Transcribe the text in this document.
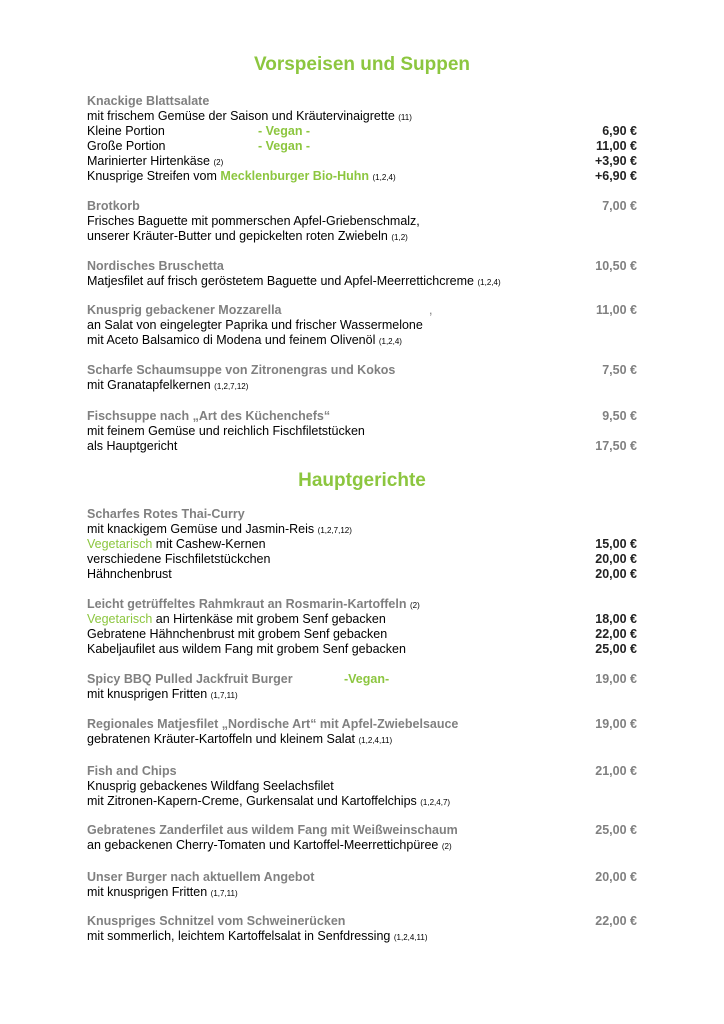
Vorspeisen und Suppen
Knackige Blattsalate
mit frischem Gemüse der Saison und Kräutervinaigrette (11)
Kleine Portion	- Vegan -	6,90 €
Große Portion	- Vegan -	11,00 €
Marinierter Hirtenkäse (2)	+3,90 €
Knusprige Streifen vom Mecklenburger Bio-Huhn (1,2,4)	+6,90 €
Brotkorb	7,00 €
Frisches Baguette mit pommerschen Apfel-Griebenschmalz,
unserer Kräuter-Butter und gepickelten roten Zwiebeln (1,2)
Nordisches Bruschetta	10,50 €
Matjesfilet auf frisch geröstetem Baguette und Apfel-Meerrettichcreme (1,2,4)
Knusprig gebackener Mozzarella	,	11,00 €
an Salat von eingelegter Paprika und frischer Wassermelone
mit Aceto Balsamico di Modena und feinem Olivenöl (1,2,4)
Scharfe Schaumsuppe von Zitronengras und Kokos	7,50 €
mit Granatapfelkernen (1,2,7,12)
Fischsuppe nach „Art des Küchenchefs“	9,50 €
mit feinem Gemüse und reichlich Fischfiletstücken
als Hauptgericht	17,50 €
Hauptgerichte
Scharfes Rotes Thai-Curry
mit knackigem Gemüse und Jasmin-Reis (1,2,7,12)
Vegetarisch mit Cashew-Kernen	15,00 €
verschiedene Fischfiletstückchen	20,00 €
Hähnchenbrust	20,00 €
Leicht getrüffeltes Rahmkraut an Rosmarin-Kartoffeln (2)
Vegetarisch an Hirtenkäse mit grobem Senf gebacken	18,00 €
Gebratene Hähnchenbrust mit grobem Senf gebacken	22,00 €
Kabeljaufilet aus wildem Fang mit grobem Senf gebacken	25,00 €
Spicy BBQ Pulled Jackfruit Burger	-Vegan-	19,00 €
mit knusprigen Fritten (1,7,11)
Regionales Matjesfilet „Nordische Art“ mit Apfel-Zwiebelsauce	19,00 €
gebratenen Kräuter-Kartoffeln und kleinem Salat (1,2,4,11)
Fish and Chips	21,00 €
Knusprig gebackenes Wildfang Seelachsfilet
mit Zitronen-Kapern-Creme, Gurkensalat und Kartoffelchips (1,2,4,7)
Gebratenes Zanderfilet aus wildem Fang mit Weißweinschaum	25,00 €
an gebackenen Cherry-Tomaten und Kartoffel-Meerrettichpüree (2)
Unser Burger nach aktuellem Angebot	20,00 €
mit knusprigen Fritten (1,7,11)
Knuspriges Schnitzel vom Schweinerücken	22,00 €
mit sommerlich, leichtem Kartoffelsalat in Senfdressing (1,2,4,11)
